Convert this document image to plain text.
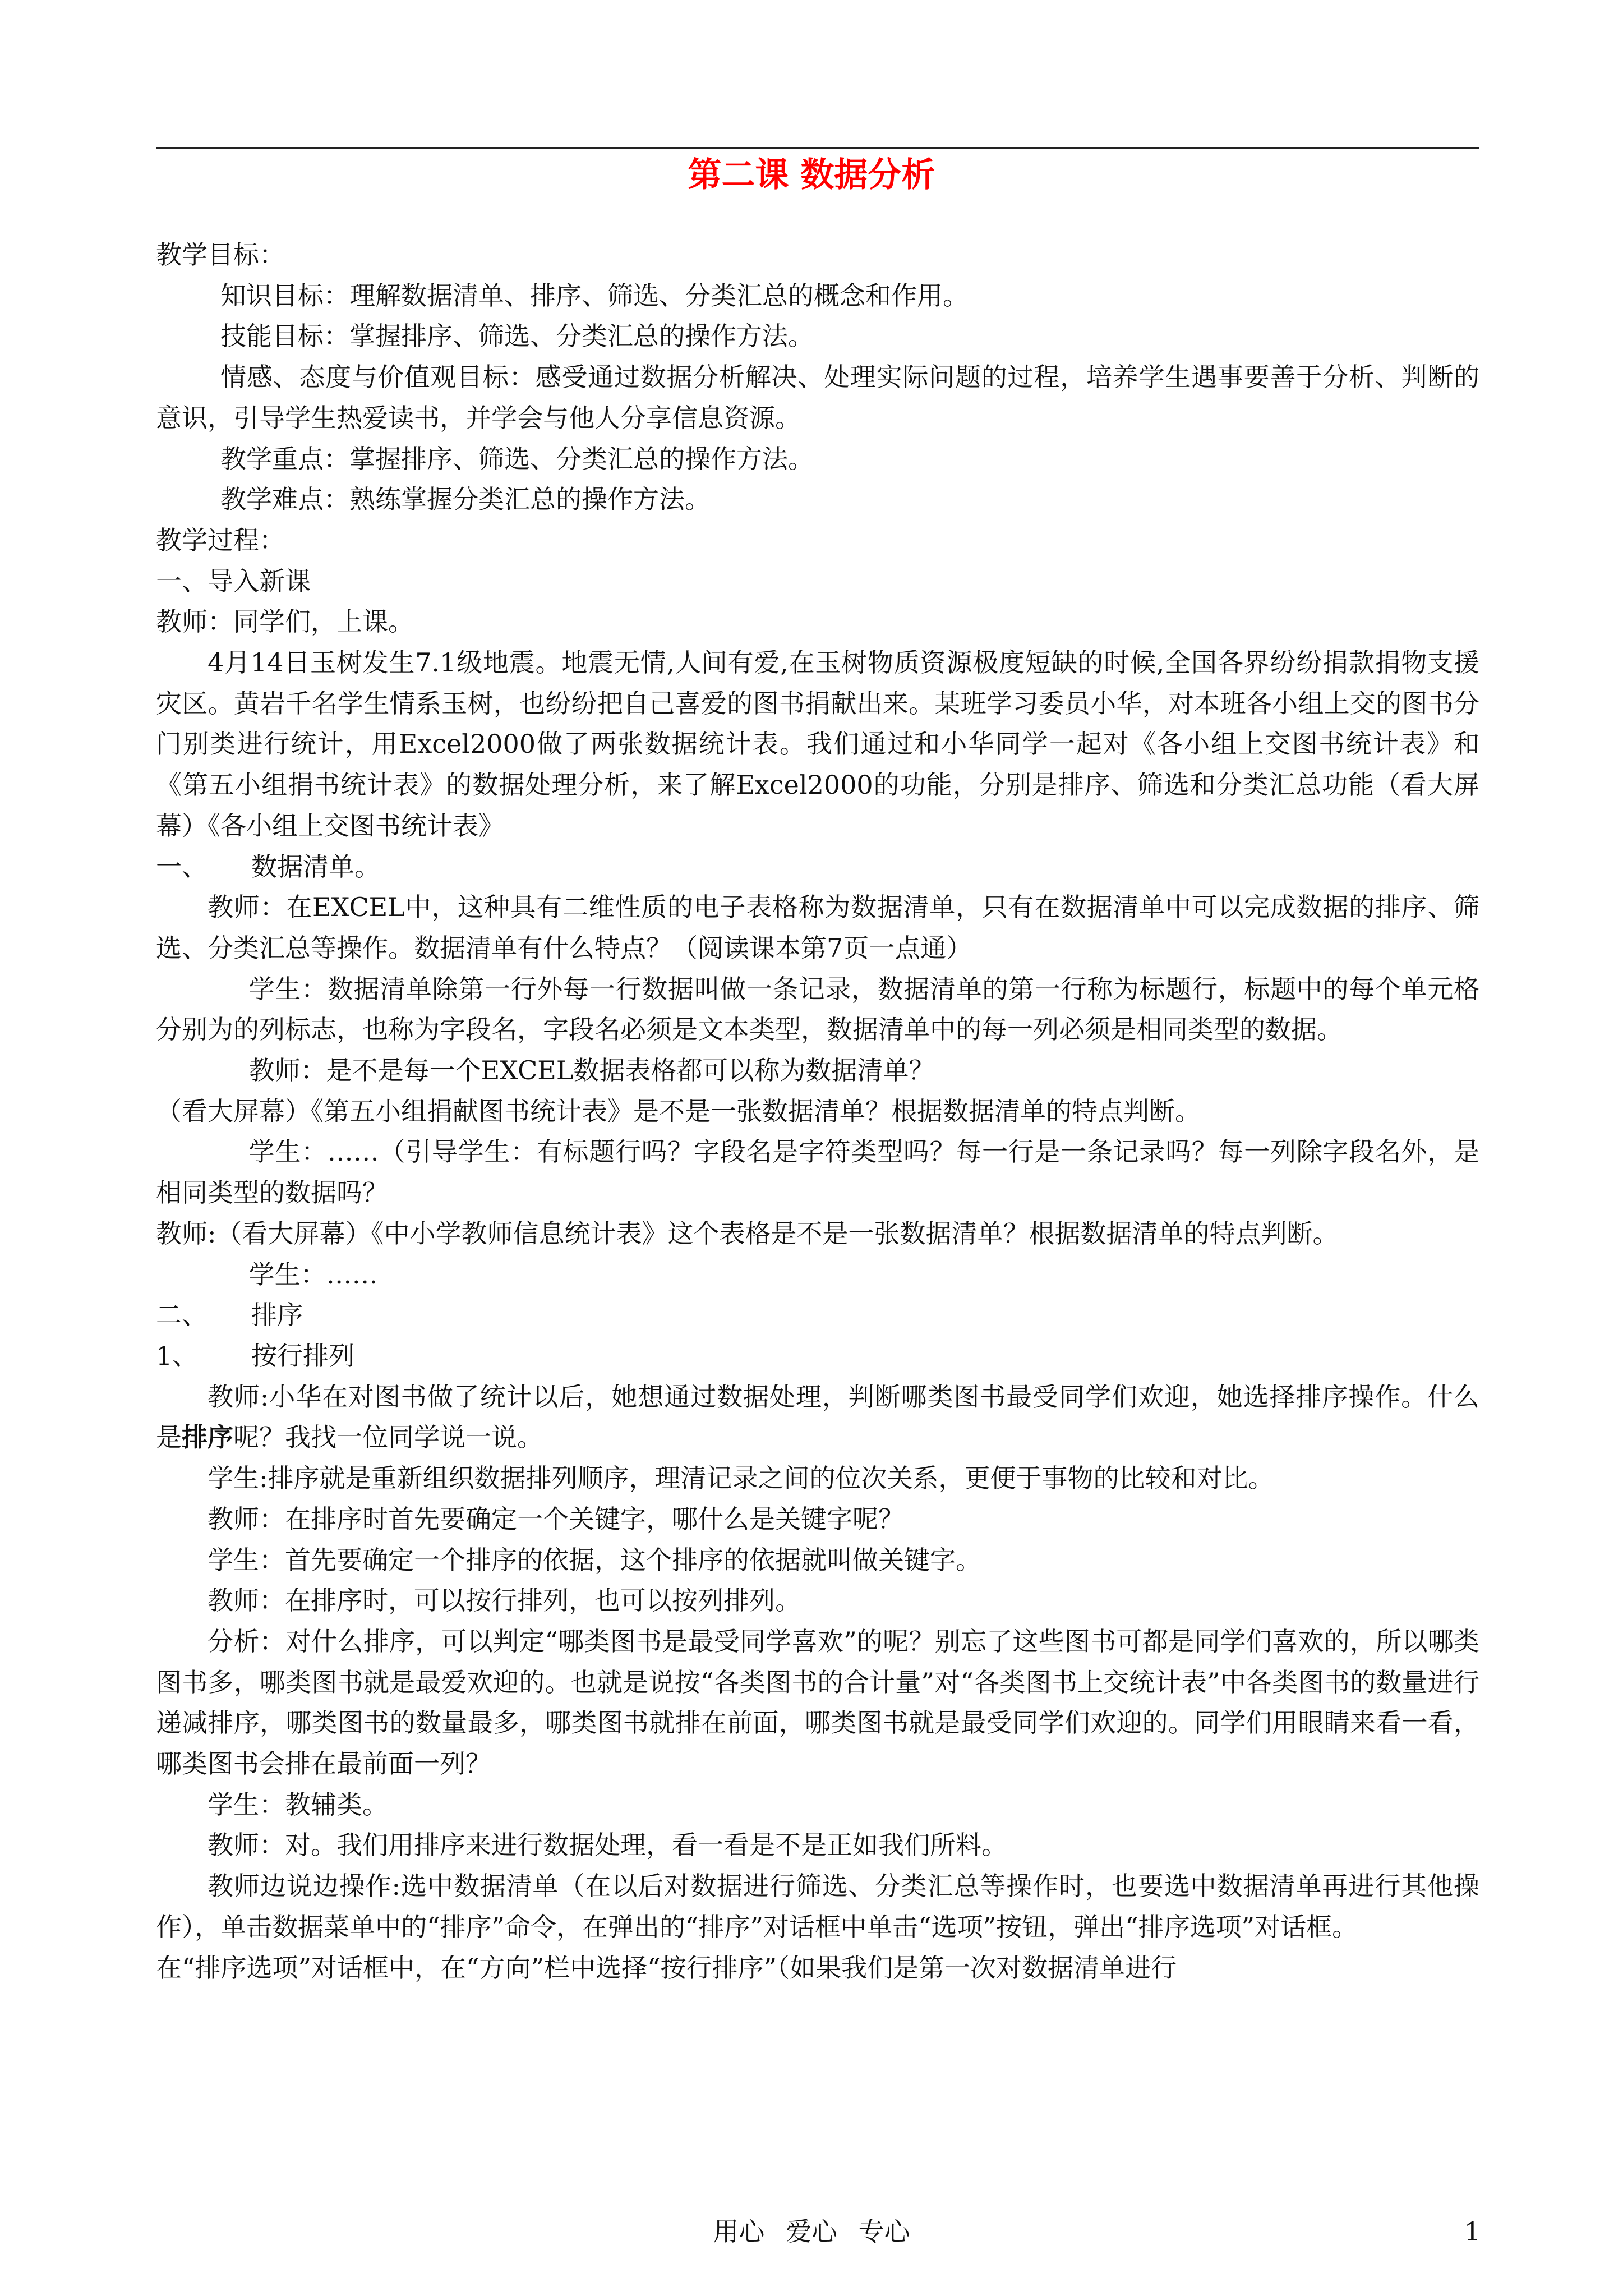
第二课 数据分析

教学目标：

知识目标：理解数据清单、排序、筛选、分类汇总的概念和作用。

技能目标：掌握排序、筛选、分类汇总的操作方法。

情感、态度与价值观目标：感受通过数据分析解决、处理实际问题的过程，培养学生遇事要善于分析、判断的意识，引导学生热爱读书，并学会与他人分享信息资源。

教学重点：掌握排序、筛选、分类汇总的操作方法。

教学难点：熟练掌握分类汇总的操作方法。

教学过程：

一、导入新课

教师：同学们，上课。

4月14日玉树发生7.1级地震。地震无情,人间有爱,在玉树物质资源极度短缺的时候,全国各界纷纷捐款捐物支援灾区。黄岩千名学生情系玉树，也纷纷把自己喜爱的图书捐献出来。某班学习委员小华，对本班各小组上交的图书分门别类进行统计，用Excel2000做了两张数据统计表。我们通过和小华同学一起对《各小组上交图书统计表》和《第五小组捐书统计表》的数据处理分析，来了解Excel2000的功能，分别是排序、筛选和分类汇总功能（看大屏幕）《各小组上交图书统计表》

一、 数据清单。

教师：在EXCEL中，这种具有二维性质的电子表格称为数据清单，只有在数据清单中可以完成数据的排序、筛选、分类汇总等操作。数据清单有什么特点？（阅读课本第7页一点通）

学生：数据清单除第一行外每一行数据叫做一条记录，数据清单的第一行称为标题行，标题中的每个单元格分别为的列标志，也称为字段名，字段名必须是文本类型，数据清单中的每一列必须是相同类型的数据。

教师：是不是每一个EXCEL数据表格都可以称为数据清单？

（看大屏幕）《第五小组捐献图书统计表》是不是一张数据清单？根据数据清单的特点判断。

学生：……（引导学生：有标题行吗？字段名是字符类型吗？每一行是一条记录吗？每一列除字段名外，是相同类型的数据吗？

教师:（看大屏幕）《中小学教师信息统计表》这个表格是不是一张数据清单？根据数据清单的特点判断。

学生：……

二、 排序

1、 按行排列

教师:小华在对图书做了统计以后，她想通过数据处理，判断哪类图书最受同学们欢迎，她选择排序操作。什么是排序呢？我找一位同学说一说。

学生:排序就是重新组织数据排列顺序，理清记录之间的位次关系，更便于事物的比较和对比。

教师：在排序时首先要确定一个关键字，哪什么是关键字呢？

学生：首先要确定一个排序的依据，这个排序的依据就叫做关键字。

教师：在排序时，可以按行排列，也可以按列排列。

分析：对什么排序，可以判定“哪类图书是最受同学喜欢”的呢？别忘了这些图书可都是同学们喜欢的，所以哪类图书多，哪类图书就是最爱欢迎的。也就是说按“各类图书的合计量”对“各类图书上交统计表”中各类图书的数量进行递减排序，哪类图书的数量最多，哪类图书就排在前面，哪类图书就是最受同学们欢迎的。同学们用眼睛来看一看，哪类图书会排在最前面一列？

学生：教辅类。

教师：对。我们用排序来进行数据处理，看一看是不是正如我们所料。

教师边说边操作:选中数据清单（在以后对数据进行筛选、分类汇总等操作时，也要选中数据清单再进行其他操作），单击数据菜单中的“排序”命令，在弹出的“排序”对话框中单击“选项”按钮，弹出“排序选项”对话框。

在“排序选项”对话框中，在“方向”栏中选择“按行排序”（如果我们是第一次对数据清单进行

用心 爱心 专心	1
